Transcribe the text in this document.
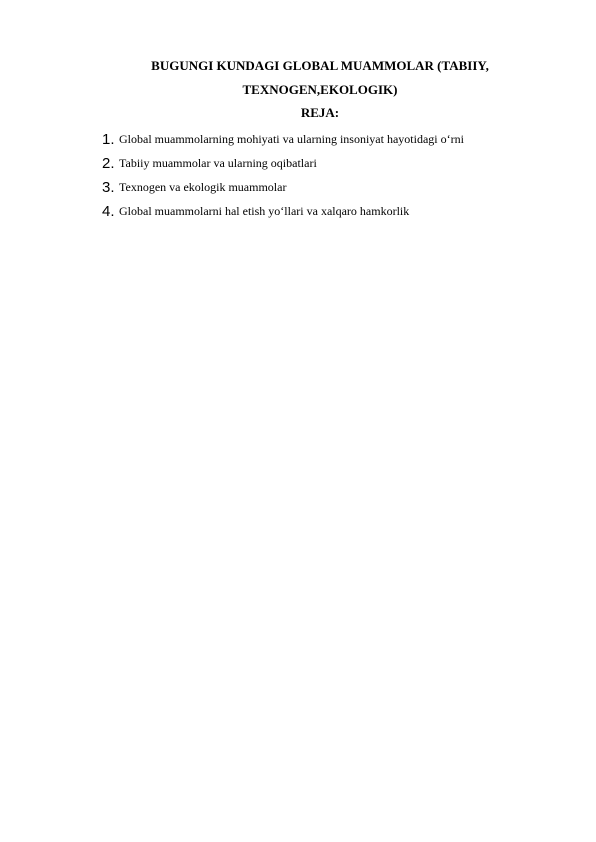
BUGUNGI KUNDAGI GLOBAL MUAMMOLAR (TABIIY,
TEXNOGEN,EKOLOGIK)
REJA:
1. Global muammolarning mohiyati va ularning insoniyat hayotidagi o‘rni
2. Tabiiy muammolar va ularning oqibatlari
3. Texnogen va ekologik muammolar
4. Global muammolarni hal etish yo‘llari va xalqaro hamkorlik
